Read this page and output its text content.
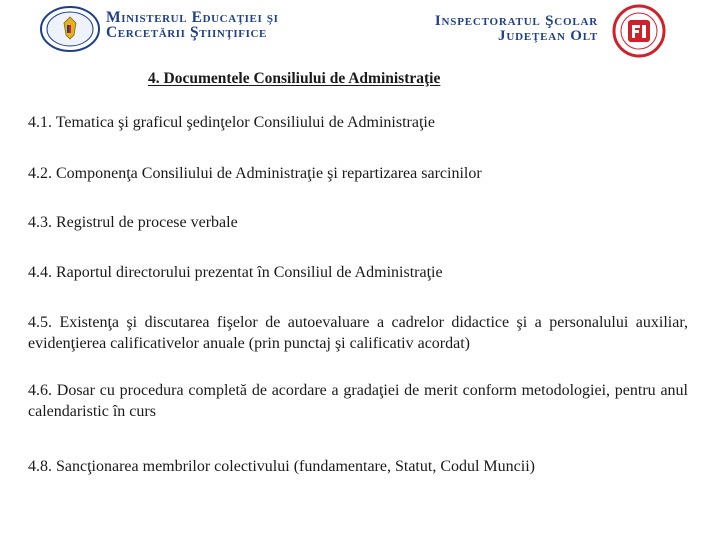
Ministerul Educaţiei şi
Cercetării Ştiinţifice
Inspectoratul Şcolar
Judeţean Olt
4. Documentele Consiliului de Administraţie
4.1. Tematica şi graficul şedinţelor Consiliului de Administraţie
4.2. Componenţa Consiliului de Administraţie şi repartizarea sarcinilor
4.3. Registrul de procese verbale
4.4. Raportul directorului prezentat în Consiliul de Administraţie
4.5. Existenţa şi discutarea fişelor de autoevaluare a cadrelor didactice şi a personalului auxiliar, evidenţierea calificativelor anuale (prin punctaj şi calificativ acordat)
4.6. Dosar cu procedura completă de acordare a gradaţiei de merit conform metodologiei, pentru anul calendaristic în curs
4.8. Sancţionarea membrilor colectivului (fundamentare, Statut, Codul Muncii)
